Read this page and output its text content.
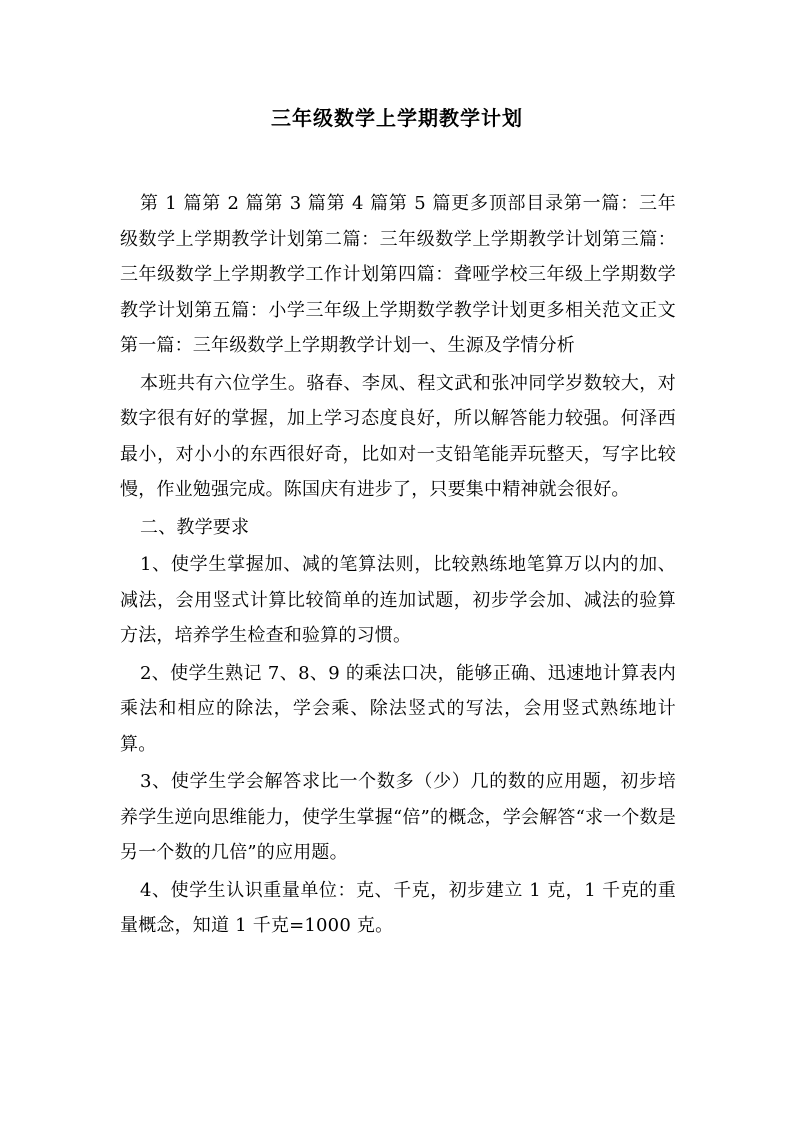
三年级数学上学期教学计划

第 1 篇第 2 篇第 3 篇第 4 篇第 5 篇更多顶部目录第一篇：三年级数学上学期教学计划第二篇：三年级数学上学期教学计划第三篇：三年级数学上学期教学工作计划第四篇：聋哑学校三年级上学期数学教学计划第五篇：小学三年级上学期数学教学计划更多相关范文正文第一篇：三年级数学上学期教学计划一、生源及学情分析

本班共有六位学生。骆春、李凤、程文武和张冲同学岁数较大，对数字很有好的掌握，加上学习态度良好，所以解答能力较强。何泽西最小，对小小的东西很好奇，比如对一支铅笔能弄玩整天，写字比较慢，作业勉强完成。陈国庆有进步了，只要集中精神就会很好。

二、教学要求

1、使学生掌握加、减的笔算法则，比较熟练地笔算万以内的加、减法，会用竖式计算比较简单的连加试题，初步学会加、减法的验算方法，培养学生检查和验算的习惯。

2、使学生熟记 7、8、9 的乘法口决，能够正确、迅速地计算表内乘法和相应的除法，学会乘、除法竖式的写法，会用竖式熟练地计算。

3、使学生学会解答求比一个数多（少）几的数的应用题，初步培养学生逆向思维能力，使学生掌握“倍”的概念，学会解答“求一个数是另一个数的几倍”的应用题。

4、使学生认识重量单位：克、千克，初步建立 1 克，1 千克的重量概念，知道 1 千克=1000 克。
